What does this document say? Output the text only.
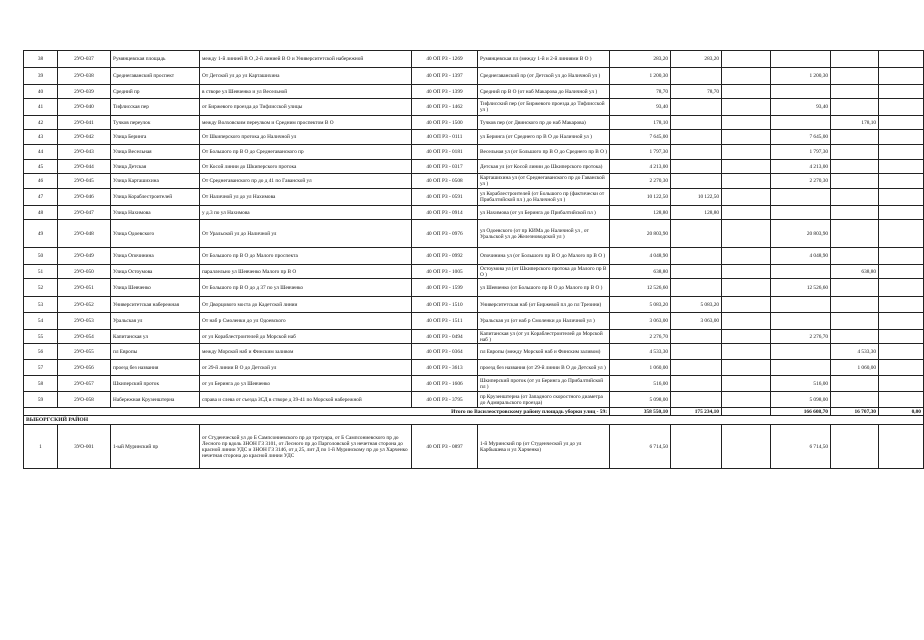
38	2УО-037	Румянцевская площадь	между 1-й линией В О ,2-й линией В О и Университетской набережной	40 ОП РЗ - 1269	Румянцевская пл (между 1-й и 2-й линиями В О )	283,20	283,20				
39	2УО-038	Среднегаванский проспект	От Детской ул до ул Карташихина	40 ОП РЗ - 1397	Среднегаванский пр (от Детской ул до Наличной ул )	1 200,30			1 200,30		
40	2УО-039	Средний пр	в створе ул Шевченко и ул Весельной	40 ОП РЗ - 1399	Средний пр В О (от наб Макарова до Наличной ул )	78,70	78,70				
41	2УО-040	Тифлисская пер	от Биржевого проезда до Тифлисской улицы	40 ОП РЗ - 1462	Тифлисский пер (от Биржевого проезда до Тифлисской ул )	93,40			93,40		
42	2УО-041	Тучков переулок	между Волховским переулком и Средним проспектом В О	40 ОП РЗ - 1500	Тучков пер (от Двинского пр до наб Макарова)	178,10				178,10	
43	2УО-042	Улица Беринга	От Шкиперского протока до Наличной ул	40 ОП РЗ - 0111	ул Беринга (от Среднего пр В О до Наличной ул )	7 645,00			7 645,00		
44	2УО-043	Улица Весельная	От Большого пр В О до Среднегаванского пр	40 ОП РЗ - 0181	Весельная ул (от Большого пр В О до Среднего пр В О )	1 797,30			1 797,30		
45	2УО-044	Улица Детская	От Косой линии до Шкиперского протока	40 ОП РЗ - 0317	Детская ул (от Косой линии до Шкиперского протока)	4 213,00			4 213,00		
46	2УО-045	Улица Карташихина	От Среднегаванского пр до д 41 по Гаванской ул	40 ОП РЗ - 0508	Карташихина ул (от Среднегаванского пр до Гаванской ул )	2 270,30			2 270,30		
47	2УО-046	Улица Кораблестроителей	От Наличной ул до ул Нахимова	40 ОП РЗ - 0591	ул Кораблестроителей (от Большого пр (фактически от Прибалтийской пл ) до Наличной ул )	10 122,50	10 122,50				
48	2УО-047	Улица Нахимова	у д.3 по ул Нахимова	40 ОП РЗ - 0914	ул Нахимова (от ул Беринга до Прибалтийской пл )	128,80	128,80				
49	2УО-048	Улица Одоевского	От Уральской ул до Наличной ул	40 ОП РЗ - 0976	ул Одоевского (от пр КИМа до Наличной ул , от Уральской ул до Железноводской ул )	20 803,90			20 803,90		
50	2УО-049	Улица Опочинина	От Большого пр В О до Малого проспекта	40 ОП РЗ - 0992	Опочинина ул (от Большого пр В О до Малого пр В О )	4 048,90			4 048,90		
51	2УО-050	Улица Остоумова	параллельно ул Шевченко Малого пр В О	40 ОП РЗ - 1005	Остоумова ул (от Шкиперского протока до Малого пр В О )	638,80				638,80	
52	2УО-051	Улица Шевченко	От Большого пр В О до д 37 по ул Шевченко	40 ОП РЗ - 1599	ул Шевченко (от Большого пр В О до Малого пр В О )	12 526,60			12 526,60		
53	2УО-052	Университетская набережная	От Дворцового моста до Кадетской линии	40 ОП РЗ - 1510	Университетская наб (от Биржевой пл до пл Трезини)	5 083,20	5 083,20				
54	2УО-053	Уральская ул	От наб р Смоленки до ул Одоевского	40 ОП РЗ - 1511	Уральская ул (от наб р Смоленки до Наличной ул )	3 063,00	3 063,00				
55	2УО-054	Капитанская ул	от ул Кораблестроителей до Морской наб	40 ОП РЗ - 0494	Капитанская ул (от ул Кораблестроителей до Морской наб )	2 276,70			2 276,70		
56	2УО-055	пл Европы	между Морской наб и Финским заливом	40 ОП РЗ - 0364	пл Европы (между Морской наб и Финским заливом)	4 533,30				4 533,30	
57	2УО-056	проезд без названия	от 29-й линии В О до Детской ул	40 ОП РЗ - 3613	проезд без названия (от 29-й линии В О до Детской ул )	1 060,00				1 060,00	
58	2УО-057	Шкиперский проток	от ул Беринга до ул Шевченко	40 ОП РЗ - 1606	Шкиперский проток (от ул Беринга до Прибалтийской пл )	516,00			516,00		
59	2УО-058	Набережная Крузенштерна	справа и слева от съезда ЗСД в створе д 39-41 по Морской набережной	40 ОП РЗ - 3795	пр Крузенштерна (от Западного скоростного диаметра до Адмиральского проезда)	5 098,00			5 098,00		
Итого по Василеостровскому району площадь уборки улиц - 59:						358 550,10	175 234,10		166 608,70	16 707,30	0,00
ВЫБОРГСКИЙ РАЙОН											
1	3УО-001	1-ый Муринский пр	от Студенческой ул до Б Сампсониевского пр до тротуара, от Б Сампсониевского пр до Лесного пр вдоль ЗНОН ГЗ 3101, от Лесного пр до Парголовской ул нечетная сторона до красной линии УДС и ЗНОН ГЗ 3146, от д 25, лит Д по 1-й Муринскому пр до ул Харченко нечетная сторона до красной линии УДС	40 ОП РЗ - 0897	1-й Муринский пр (от Студенческой ул до ул Карбышева и ул Харченко)	6 714,50			6 714,50		
